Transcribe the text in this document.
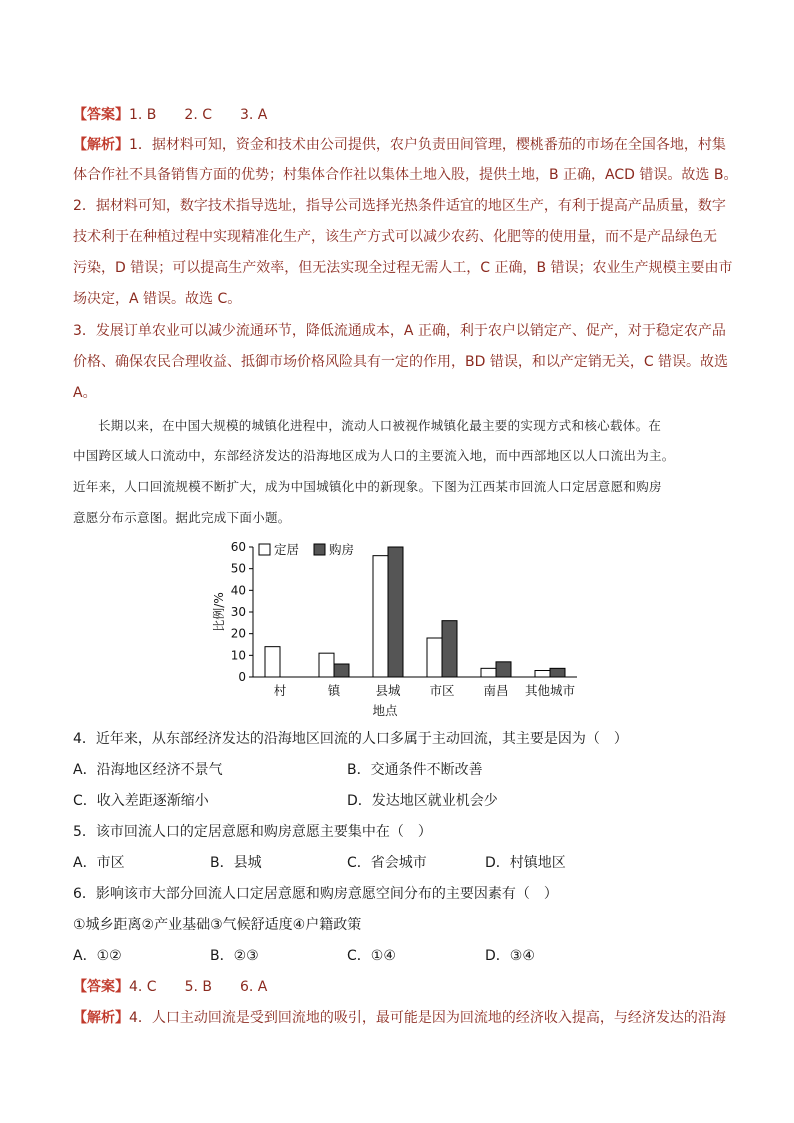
【答案】1. B　　2. C　　3. A
【解析】1．据材料可知，资金和技术由公司提供，农户负责田间管理，樱桃番茄的市场在全国各地，村集
体合作社不具备销售方面的优势；村集体合作社以集体土地入股，提供土地，B 正确，ACD 错误。故选 B。
2．据材料可知，数字技术指导选址，指导公司选择光热条件适宜的地区生产，有利于提高产品质量，数字
技术利于在种植过程中实现精准化生产，该生产方式可以减少农药、化肥等的使用量，而不是产品绿色无
污染，D 错误；可以提高生产效率，但无法实现全过程无需人工，C 正确，B 错误；农业生产规模主要由市
场决定，A 错误。故选 C。
3．发展订单农业可以减少流通环节，降低流通成本，A 正确，利于农户以销定产、促产，对于稳定农产品
价格、确保农民合理收益、抵御市场价格风险具有一定的作用，BD 错误，和以产定销无关，C 错误。故选
A。
长期以来，在中国大规模的城镇化进程中，流动人口被视作城镇化最主要的实现方式和核心载体。在
中国跨区域人口流动中，东部经济发达的沿海地区成为人口的主要流入地，而中西部地区以人口流出为主。
近年来，人口回流规模不断扩大，成为中国城镇化中的新现象。下图为江西某市回流人口定居意愿和购房
意愿分布示意图。据此完成下面小题。
0
10
20
30
40
50
60
比例/%
村	镇	县城 市区 南昌 其他城市
地点
定居 购房
4．近年来，从东部经济发达的沿海地区回流的人口多属于主动回流，其主要是因为（　）
A．沿海地区经济不景气	B．交通条件不断改善
C．收入差距逐渐缩小	D．发达地区就业机会少
5．该市回流人口的定居意愿和购房意愿主要集中在（　）
A．市区	B．县城	C．省会城市	D．村镇地区
6．影响该市大部分回流人口定居意愿和购房意愿空间分布的主要因素有（　）
①城乡距离②产业基础③气候舒适度④户籍政策
A．①②	B．②③	C．①④	D．③④
【答案】4. C　　5. B　　6. A
【解析】4．人口主动回流是受到回流地的吸引，最可能是因为回流地的经济收入提高，与经济发达的沿海
